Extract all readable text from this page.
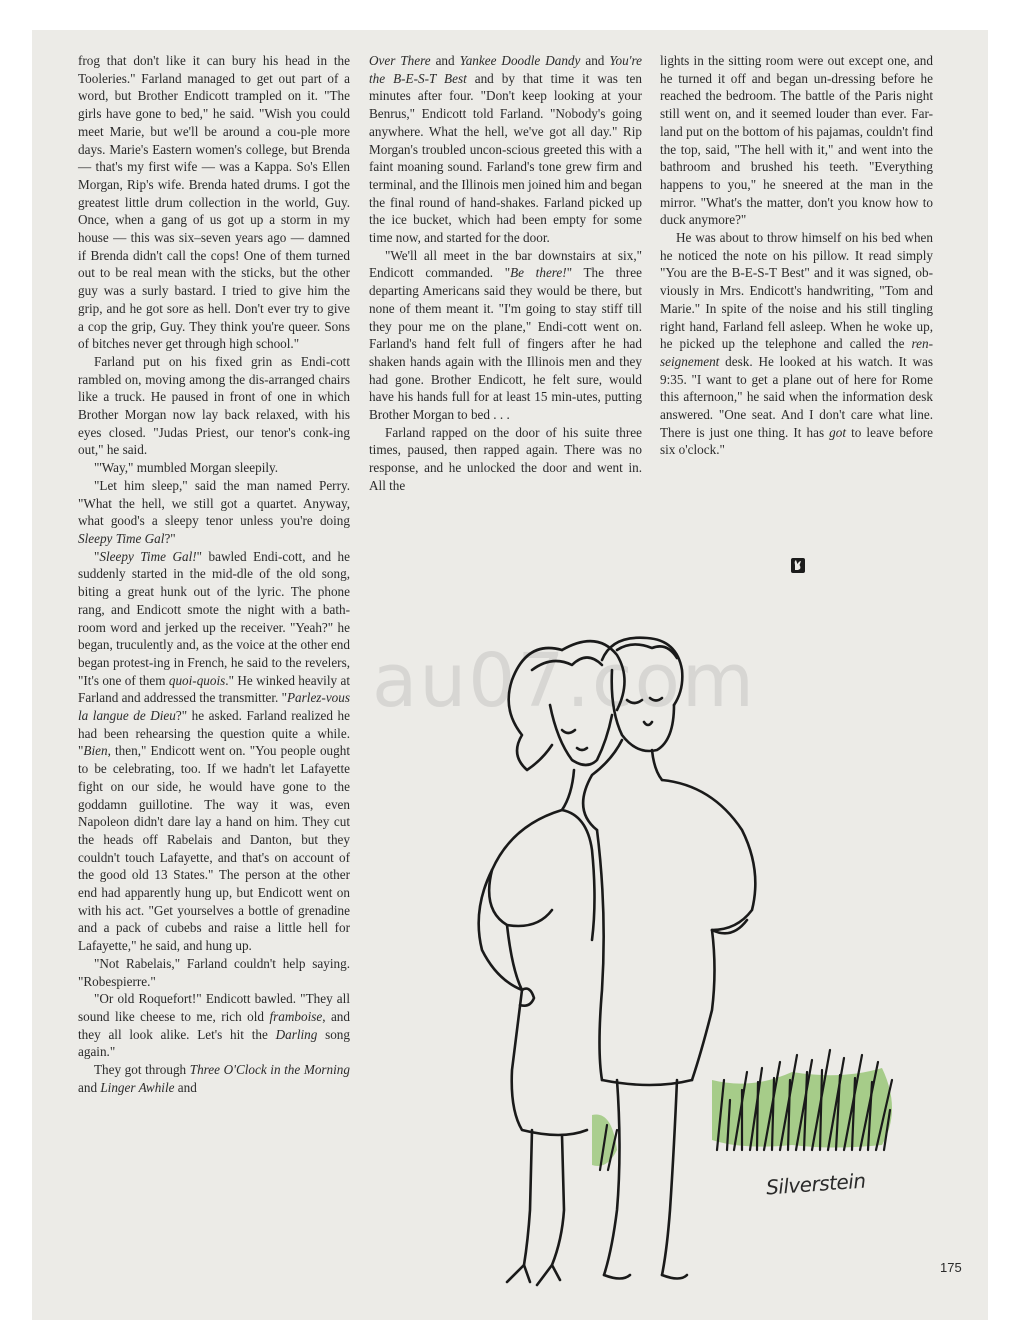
frog that don't like it can bury his head in the Tooleries." Farland managed to get out part of a word, but Brother Endicott trampled on it. "The girls have gone to bed," he said. "Wish you could meet Marie, but we'll be around a cou-ple more days. Marie's Eastern women's college, but Brenda — that's my first wife — was a Kappa. So's Ellen Morgan, Rip's wife. Brenda hated drums. I got the greatest little drum collection in the world, Guy. Once, when a gang of us got up a storm in my house — this was six–seven years ago — damned if Brenda didn't call the cops! One of them turned out to be real mean with the sticks, but the other guy was a surly bastard. I tried to give him the grip, and he got sore as hell. Don't ever try to give a cop the grip, Guy. They think you're queer. Sons of bitches never get through high school."

Farland put on his fixed grin as Endi-cott rambled on, moving among the dis-arranged chairs like a truck. He paused in front of one in which Brother Morgan now lay back relaxed, with his eyes closed. "Judas Priest, our tenor's conk-ing out," he said.

"'Way," mumbled Morgan sleepily.

"Let him sleep," said the man named Perry. "What the hell, we still got a quartet. Anyway, what good's a sleepy tenor unless you're doing Sleepy Time Gal?"

"Sleepy Time Gal!" bawled Endi-cott, and he suddenly started in the mid-dle of the old song, biting a great hunk out of the lyric. The phone rang, and Endicott smote the night with a bath-room word and jerked up the receiver. "Yeah?" he began, truculently and, as the voice at the other end began protest-ing in French, he said to the revelers, "It's one of them quoi-quois." He winked heavily at Farland and addressed the transmitter. "Parlez-vous la langue de Dieu?" he asked. Farland realized he had been rehearsing the question quite a while. "Bien, then," Endicott went on. "You people ought to be celebrating, too. If we hadn't let Lafayette fight on our side, he would have gone to the goddamn guillotine. The way it was, even Napoleon didn't dare lay a hand on him. They cut the heads off Rabelais and Danton, but they couldn't touch Lafayette, and that's on account of the good old 13 States." The person at the other end had apparently hung up, but Endicott went on with his act. "Get yourselves a bottle of grenadine and a pack of cubebs and raise a little hell for Lafayette," he said, and hung up.

"Not Rabelais," Farland couldn't help saying. "Robespierre."

"Or old Roquefort!" Endicott bawled. "They all sound like cheese to me, rich old framboise, and they all look alike. Let's hit the Darling song again."

They got through Three O'Clock in the Morning and Linger Awhile and

Over There and Yankee Doodle Dandy and You're the B-E-S-T Best and by that time it was ten minutes after four. "Don't keep looking at your Benrus," Endicott told Farland. "Nobody's going anywhere. What the hell, we've got all day." Rip Morgan's troubled uncon-scious greeted this with a faint moaning sound. Farland's tone grew firm and terminal, and the Illinois men joined him and began the final round of hand-shakes. Farland picked up the ice bucket, which had been empty for some time now, and started for the door.

"We'll all meet in the bar downstairs at six," Endicott commanded. "Be there!" The three departing Americans said they would be there, but none of them meant it. "I'm going to stay stiff till they pour me on the plane," Endi-cott went on. Farland's hand felt full of fingers after he had shaken hands again with the Illinois men and they had gone. Brother Endicott, he felt sure, would have his hands full for at least 15 min-utes, putting Brother Morgan to bed . . .

Farland rapped on the door of his suite three times, paused, then rapped again. There was no response, and he unlocked the door and went in. All the

lights in the sitting room were out except one, and he turned it off and began un-dressing before he reached the bedroom. The battle of the Paris night still went on, and it seemed louder than ever. Far-land put on the bottom of his pajamas, couldn't find the top, said, "The hell with it," and went into the bathroom and brushed his teeth. "Everything happens to you," he sneered at the man in the mirror. "What's the matter, don't you know how to duck anymore?"

He was about to throw himself on his bed when he noticed the note on his pillow. It read simply "You are the B-E-S-T Best" and it was signed, ob-viously in Mrs. Endicott's handwriting, "Tom and Marie." In spite of the noise and his still tingling right hand, Farland fell asleep. When he woke up, he picked up the telephone and called the ren-seignement desk. He looked at his watch. It was 9:35. "I want to get a plane out of here for Rome this afternoon," he said when the information desk answered. "One seat. And I don't care what line. There is just one thing. It has got to leave before six o'clock."

au07.com
Silverstein
175
